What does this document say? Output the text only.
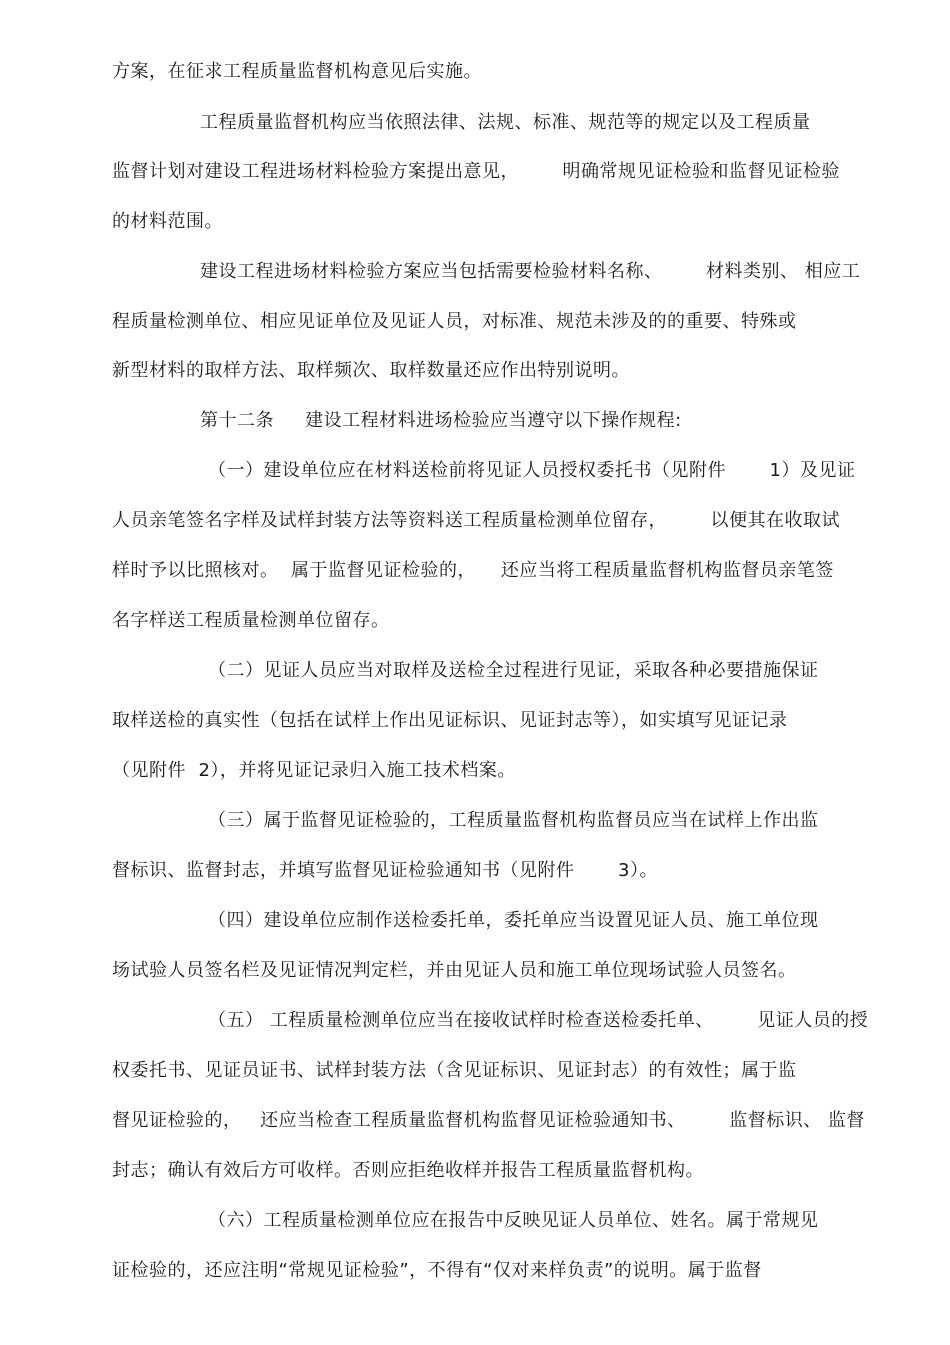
方案，在征求工程质量监督机构意见后实施。
工程质量监督机构应当依照法律、法规、标准、规范等的规定以及工程质量
监督计划对建设工程进场材料检验方案提出意见，       明确常规见证检验和监督见证检验
的材料范围。
建设工程进场材料检验方案应当包括需要检验材料名称、       材料类别、 相应工
程质量检测单位、相应见证单位及见证人员，对标准、规范未涉及的的重要、特殊或
新型材料的取样方法、取样频次、取样数量还应作出特别说明。
第十二条     建设工程材料进场检验应当遵守以下操作规程:
（一）建设单位应在材料送检前将见证人员授权委托书（见附件       1）及见证
人员亲笔签名字样及试样封装方法等资料送工程质量检测单位留存，       以便其在收取试
样时予以比照核对。  属于监督见证检验的，    还应当将工程质量监督机构监督员亲笔签
名字样送工程质量检测单位留存。
（二）见证人员应当对取样及送检全过程进行见证，采取各种必要措施保证
取样送检的真实性（包括在试样上作出见证标识、见证封志等），如实填写见证记录
（见附件  2），并将见证记录归入施工技术档案。
（三）属于监督见证检验的，工程质量监督机构监督员应当在试样上作出监
督标识、监督封志，并填写监督见证检验通知书（见附件       3）。
（四）建设单位应制作送检委托单，委托单应当设置见证人员、施工单位现
场试验人员签名栏及见证情况判定栏，并由见证人员和施工单位现场试验人员签名。
（五） 工程质量检测单位应当在接收试样时检查送检委托单、       见证人员的授
权委托书、见证员证书、试样封装方法（含见证标识、见证封志）的有效性；属于监
督见证检验的，   还应当检查工程质量监督机构监督见证检验通知书、       监督标识、 监督
封志；确认有效后方可收样。否则应拒绝收样并报告工程质量监督机构。
（六）工程质量检测单位应在报告中反映见证人员单位、姓名。属于常规见
证检验的，还应注明“常规见证检验”，不得有“仅对来样负责”的说明。属于监督
